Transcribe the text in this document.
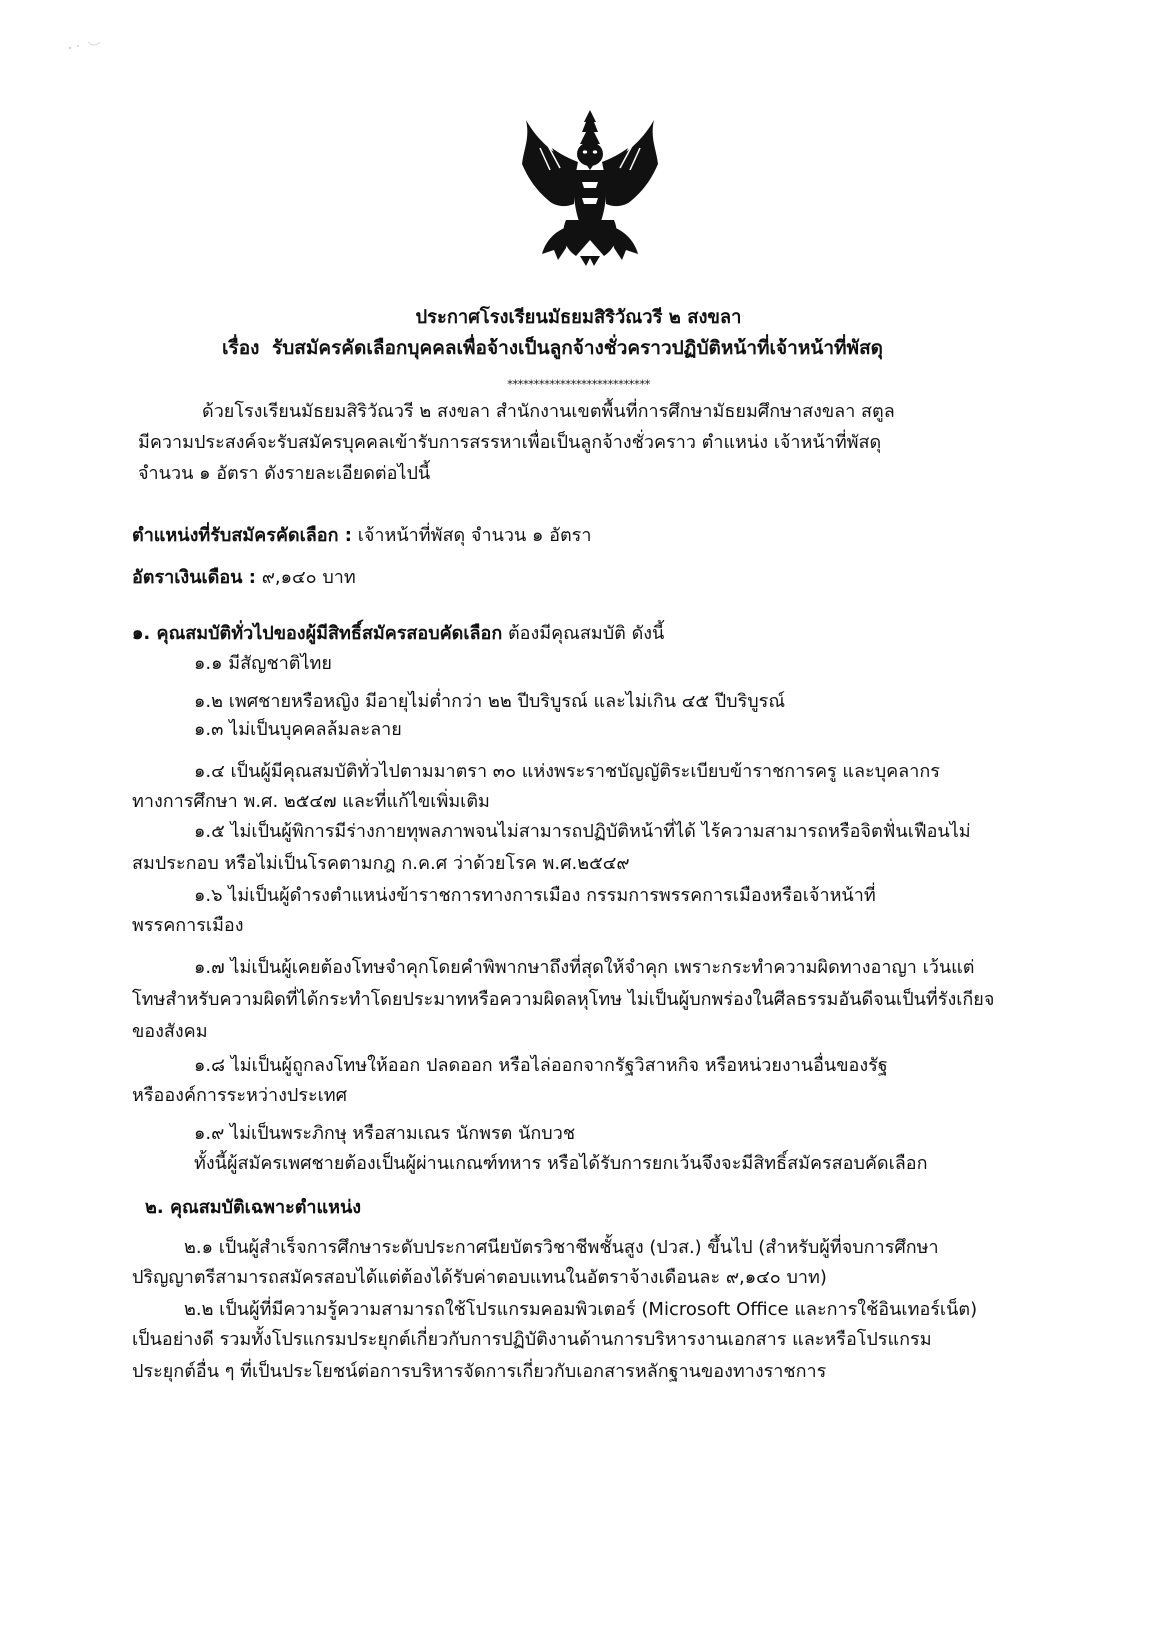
ประกาศโรงเรียนมัธยมสิริวัณวรี ๒ สงขลา
เรื่อง รับสมัครคัดเลือกบุคคลเพื่อจ้างเป็นลูกจ้างชั่วคราวปฏิบัติหน้าที่เจ้าหน้าที่พัสดุ
***************************
ด้วยโรงเรียนมัธยมสิริวัณวรี ๒ สงขลา สำนักงานเขตพื้นที่การศึกษามัธยมศึกษาสงขลา สตูล
มีความประสงค์จะรับสมัครบุคคลเข้ารับการสรรหาเพื่อเป็นลูกจ้างชั่วคราว ตำแหน่ง เจ้าหน้าที่พัสดุ
จำนวน ๑ อัตรา ดังรายละเอียดต่อไปนี้
ตำแหน่งที่รับสมัครคัดเลือก : เจ้าหน้าที่พัสดุ จำนวน ๑ อัตรา
อัตราเงินเดือน : ๙,๑๔๐ บาท
๑. คุณสมบัติทั่วไปของผู้มีสิทธิ์สมัครสอบคัดเลือก ต้องมีคุณสมบัติ ดังนี้
๑.๑ มีสัญชาติไทย
๑.๒ เพศชายหรือหญิง มีอายุไม่ต่ำกว่า ๒๒ ปีบริบูรณ์ และไม่เกิน ๔๕ ปีบริบูรณ์
๑.๓ ไม่เป็นบุคคลล้มละลาย
๑.๔ เป็นผู้มีคุณสมบัติทั่วไปตามมาตรา ๓๐ แห่งพระราชบัญญัติระเบียบข้าราชการครู และบุคลากร
ทางการศึกษา พ.ศ. ๒๕๔๗ และที่แก้ไขเพิ่มเติม
๑.๕ ไม่เป็นผู้พิการมีร่างกายทุพลภาพจนไม่สามารถปฏิบัติหน้าที่ได้ ไร้ความสามารถหรือจิตฟั่นเฟือนไม่
สมประกอบ หรือไม่เป็นโรคตามกฎ ก.ค.ศ ว่าด้วยโรค พ.ศ.๒๕๔๙
๑.๖ ไม่เป็นผู้ดำรงตำแหน่งข้าราชการทางการเมือง กรรมการพรรคการเมืองหรือเจ้าหน้าที่
พรรคการเมือง
๑.๗ ไม่เป็นผู้เคยต้องโทษจำคุกโดยคำพิพากษาถึงที่สุดให้จำคุก เพราะกระทำความผิดทางอาญา เว้นแต่
โทษสำหรับความผิดที่ได้กระทำโดยประมาทหรือความผิดลหุโทษ ไม่เป็นผู้บกพร่องในศีลธรรมอันดีจนเป็นที่รังเกียจ
ของสังคม
๑.๘ ไม่เป็นผู้ถูกลงโทษให้ออก ปลดออก หรือไล่ออกจากรัฐวิสาหกิจ หรือหน่วยงานอื่นของรัฐ
หรือองค์การระหว่างประเทศ
๑.๙ ไม่เป็นพระภิกษุ หรือสามเณร นักพรต นักบวช
ทั้งนี้ผู้สมัครเพศชายต้องเป็นผู้ผ่านเกณฑ์ทหาร หรือได้รับการยกเว้นจึงจะมีสิทธิ์สมัครสอบคัดเลือก
๒. คุณสมบัติเฉพาะตำแหน่ง
๒.๑ เป็นผู้สำเร็จการศึกษาระดับประกาศนียบัตรวิชาชีพชั้นสูง (ปวส.) ขึ้นไป (สำหรับผู้ที่จบการศึกษา
ปริญญาตรีสามารถสมัครสอบได้แต่ต้องได้รับค่าตอบแทนในอัตราจ้างเดือนละ ๙,๑๔๐ บาท)
๒.๒ เป็นผู้ที่มีความรู้ความสามารถใช้โปรแกรมคอมพิวเตอร์ (Microsoft Office และการใช้อินเทอร์เน็ต)
เป็นอย่างดี รวมทั้งโปรแกรมประยุกต์เกี่ยวกับการปฏิบัติงานด้านการบริหารงานเอกสาร และหรือโปรแกรม
ประยุกต์อื่น ๆ ที่เป็นประโยชน์ต่อการบริหารจัดการเกี่ยวกับเอกสารหลักฐานของทางราชการ
